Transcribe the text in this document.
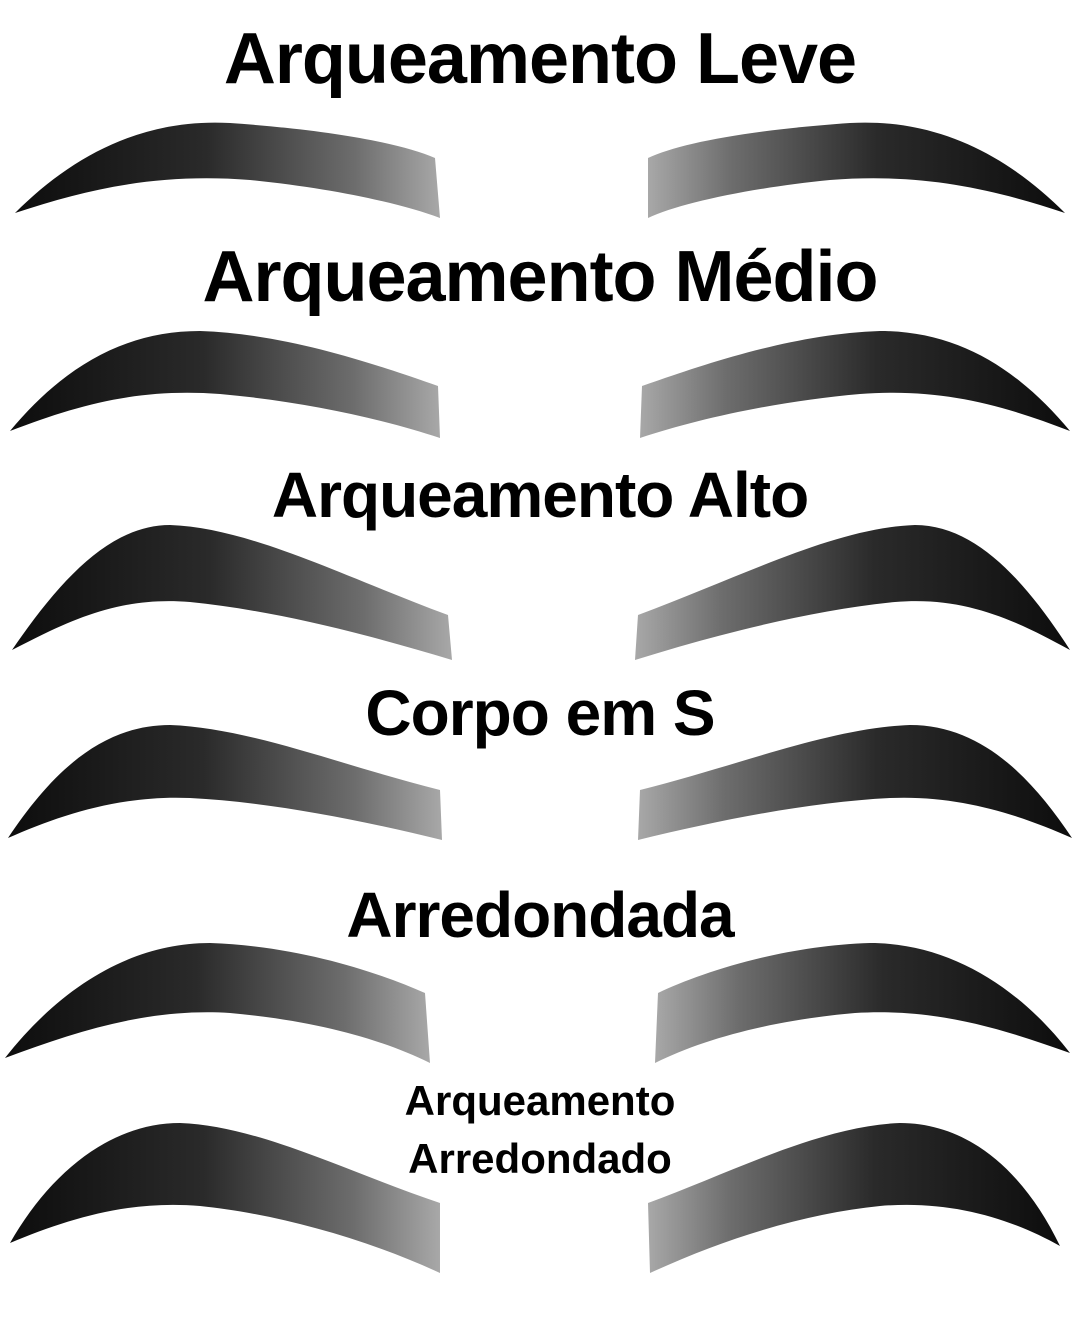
Arqueamento Leve
Arqueamento Médio
Arqueamento Alto
Corpo em S
Arredondada
Arqueamento
Arredondado
